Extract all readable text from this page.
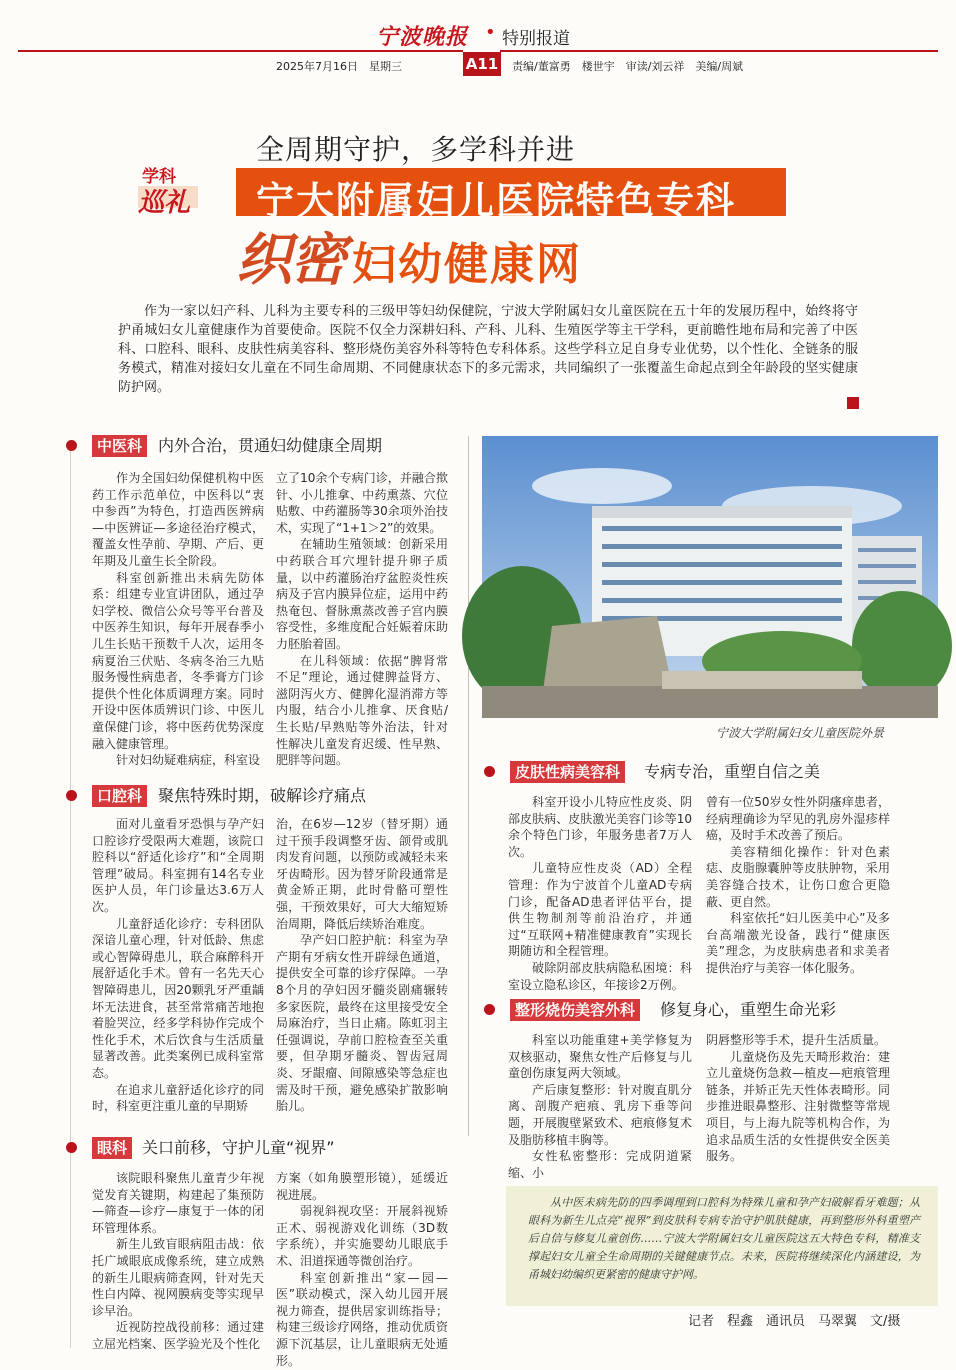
宁波晚报 • 特别报道
2025年7月16日　星期三	A11 责编/董富勇　楼世宇　审读/刘云祥　美编/周斌
学科
巡礼
全周期守护，多学科并进
宁大附属妇儿医院特色专科
织密 妇幼健康网

作为一家以妇产科、儿科为主要专科的三级甲等妇幼保健院，宁波大学附属妇女儿童医院在五十年的发展历程中，始终将守护甬城妇女儿童健康作为首要使命。医院不仅全力深耕妇科、产科、儿科、生殖医学等主干学科，更前瞻性地布局和完善了中医科、口腔科、眼科、皮肤性病美容科、整形烧伤美容外科等特色专科体系。这些学科立足自身专业优势，以个性化、全链条的服务模式，精准对接妇女儿童在不同生命周期、不同健康状态下的多元需求，共同编织了一张覆盖生命起点到全年龄段的坚实健康防护网。

中医科 内外合治，贯通妇幼健康全周期

作为全国妇幼保健机构中医药工作示范单位，中医科以“衷中参西”为特色，打造西医辨病—中医辨证—多途径治疗模式，覆盖女性孕前、孕期、产后、更年期及儿童生长全阶段。

科室创新推出未病先防体系：组建专业宣讲团队，通过孕妇学校、微信公众号等平台普及中医养生知识，每年开展春季小儿生长贴干预数千人次，运用冬病夏治三伏贴、冬病冬治三九贴服务慢性病患者，冬季膏方门诊提供个性化体质调理方案。同时开设中医体质辨识门诊、中医儿童保健门诊，将中医药优势深度融入健康管理。

针对妇幼疑难病症，科室设

立了10余个专病门诊，并融合揿针、小儿推拿、中药熏蒸、穴位贴敷、中药灌肠等30余项外治技术，实现了“1+1＞2”的效果。

在辅助生殖领域：创新采用中药联合耳穴埋针提升卵子质量，以中药灌肠治疗盆腔炎性疾病及子宫内膜异位症，运用中药热奄包、督脉熏蒸改善子宫内膜容受性，多维度配合妊娠着床助力胚胎着固。

在儿科领域：依据“脾肾常不足”理论，通过健脾益肾方、滋阴泻火方、健脾化湿消滞方等内服，结合小儿推拿、厌食贴/生长贴/早熟贴等外治法，针对性解决儿童发育迟缓、性早熟、肥胖等问题。

宁波大学附属妇女儿童医院外景
口腔科 聚焦特殊时期，破解诊疗痛点

面对儿童看牙恐惧与孕产妇口腔诊疗受限两大难题，该院口腔科以“舒适化诊疗”和“全周期管理”破局。科室拥有14名专业医护人员，年门诊量达3.6万人次。

儿童舒适化诊疗：专科团队深谙儿童心理，针对低龄、焦虑或心智障碍患儿，联合麻醉科开展舒适化手术。曾有一名先天心智障碍患儿，因20颗乳牙严重龋坏无法进食，甚至常常痛苦地抱着脸哭泣，经多学科协作完成个性化手术，术后饮食与生活质量显著改善。此类案例已成科室常态。

在追求儿童舒适化诊疗的同时，科室更注重儿童的早期矫

治，在6岁—12岁（替牙期）通过干预手段调整牙齿、颌骨或肌肉发育问题，以预防或减轻未来牙齿畸形。因为替牙阶段通常是黄金矫正期，此时骨骼可塑性强，干预效果好，可大大缩短矫治周期，降低后续矫治难度。

孕产妇口腔护航：科室为孕产期有牙病女性开辟绿色通道，提供安全可靠的诊疗保障。一孕8个月的孕妇因牙髓炎剧痛辗转多家医院，最终在这里接受安全局麻治疗，当日止痛。陈虹羽主任强调说，孕前口腔检查至关重要，但孕期牙髓炎、智齿冠周炎、牙龈瘤、间隙感染等急症也需及时干预，避免感染扩散影响胎儿。

眼科 关口前移，守护儿童“视界”

该院眼科聚焦儿童青少年视觉发育关键期，构建起了集预防—筛查—诊疗—康复于一体的闭环管理体系。

新生儿致盲眼病阻击战：依托广域眼底成像系统，建立成熟的新生儿眼病筛查网，针对先天性白内障、视网膜病变等实现早诊早治。

近视防控战役前移：通过建立屈光档案、医学验光及个性化

方案（如角膜塑形镜），延缓近视进展。

弱视斜视攻坚：开展斜视矫正术、弱视游戏化训练（3D数字系统），并实施婴幼儿眼底手术、泪道探通等微创治疗。

科室创新推出“家—园—医”联动模式，深入幼儿园开展视力筛查，提供居家训练指导；构建三级诊疗网络，推动优质资源下沉基层，让儿童眼病无处遁形。

皮肤性病美容科	专病专治，重塑自信之美

科室开设小儿特应性皮炎、阴部皮肤病、皮肤激光美容门诊等10余个特色门诊，年服务患者7万人次。

儿童特应性皮炎（AD）全程管理：作为宁波首个儿童AD专病门诊，配备AD患者评估平台，提供生物制剂等前沿治疗，并通过“互联网+精准健康教育”实现长期随访和全程管理。

破除阴部皮肤病隐私困境：科室设立隐私诊区，年接诊2万例。

曾有一位50岁女性外阴瘙痒患者，经病理确诊为罕见的乳房外湿疹样癌，及时手术改善了预后。

美容精细化操作：针对色素痣、皮脂腺囊肿等皮肤肿物，采用美容缝合技术，让伤口愈合更隐蔽、更自然。

科室依托“妇儿医美中心”及多台高端激光设备，践行“健康医美”理念，为皮肤病患者和求美者提供治疗与美容一体化服务。

整形烧伤美容外科	修复身心，重塑生命光彩

科室以功能重建+美学修复为双核驱动，聚焦女性产后修复与儿童创伤康复两大领域。

产后康复整形：针对腹直肌分离、剖腹产疤痕、乳房下垂等问题，开展腹壁紧致术、疤痕修复术及脂肪移植丰胸等。

女性私密整形：完成阴道紧缩、小

阴唇整形等手术，提升生活质量。

儿童烧伤及先天畸形救治：建立儿童烧伤急救—植皮—疤痕管理链条，并矫正先天性体表畸形。同步推进眼鼻整形、注射微整等常规项目，与上海九院等机构合作，为追求品质生活的女性提供安全医美服务。

从中医未病先防的四季调理到口腔科为特殊儿童和孕产妇破解看牙难题；从眼科为新生儿点亮“视界”到皮肤科专病专治守护肌肤健康，再到整形外科重塑产后自信与修复儿童创伤……宁波大学附属妇女儿童医院这五大特色专科，精准支撑起妇女儿童全生命周期的关键健康节点。未来，医院将继续深化内涵建设，为甬城妇幼编织更紧密的健康守护网。

记者　程鑫　通讯员　马翠翼　文/摄
